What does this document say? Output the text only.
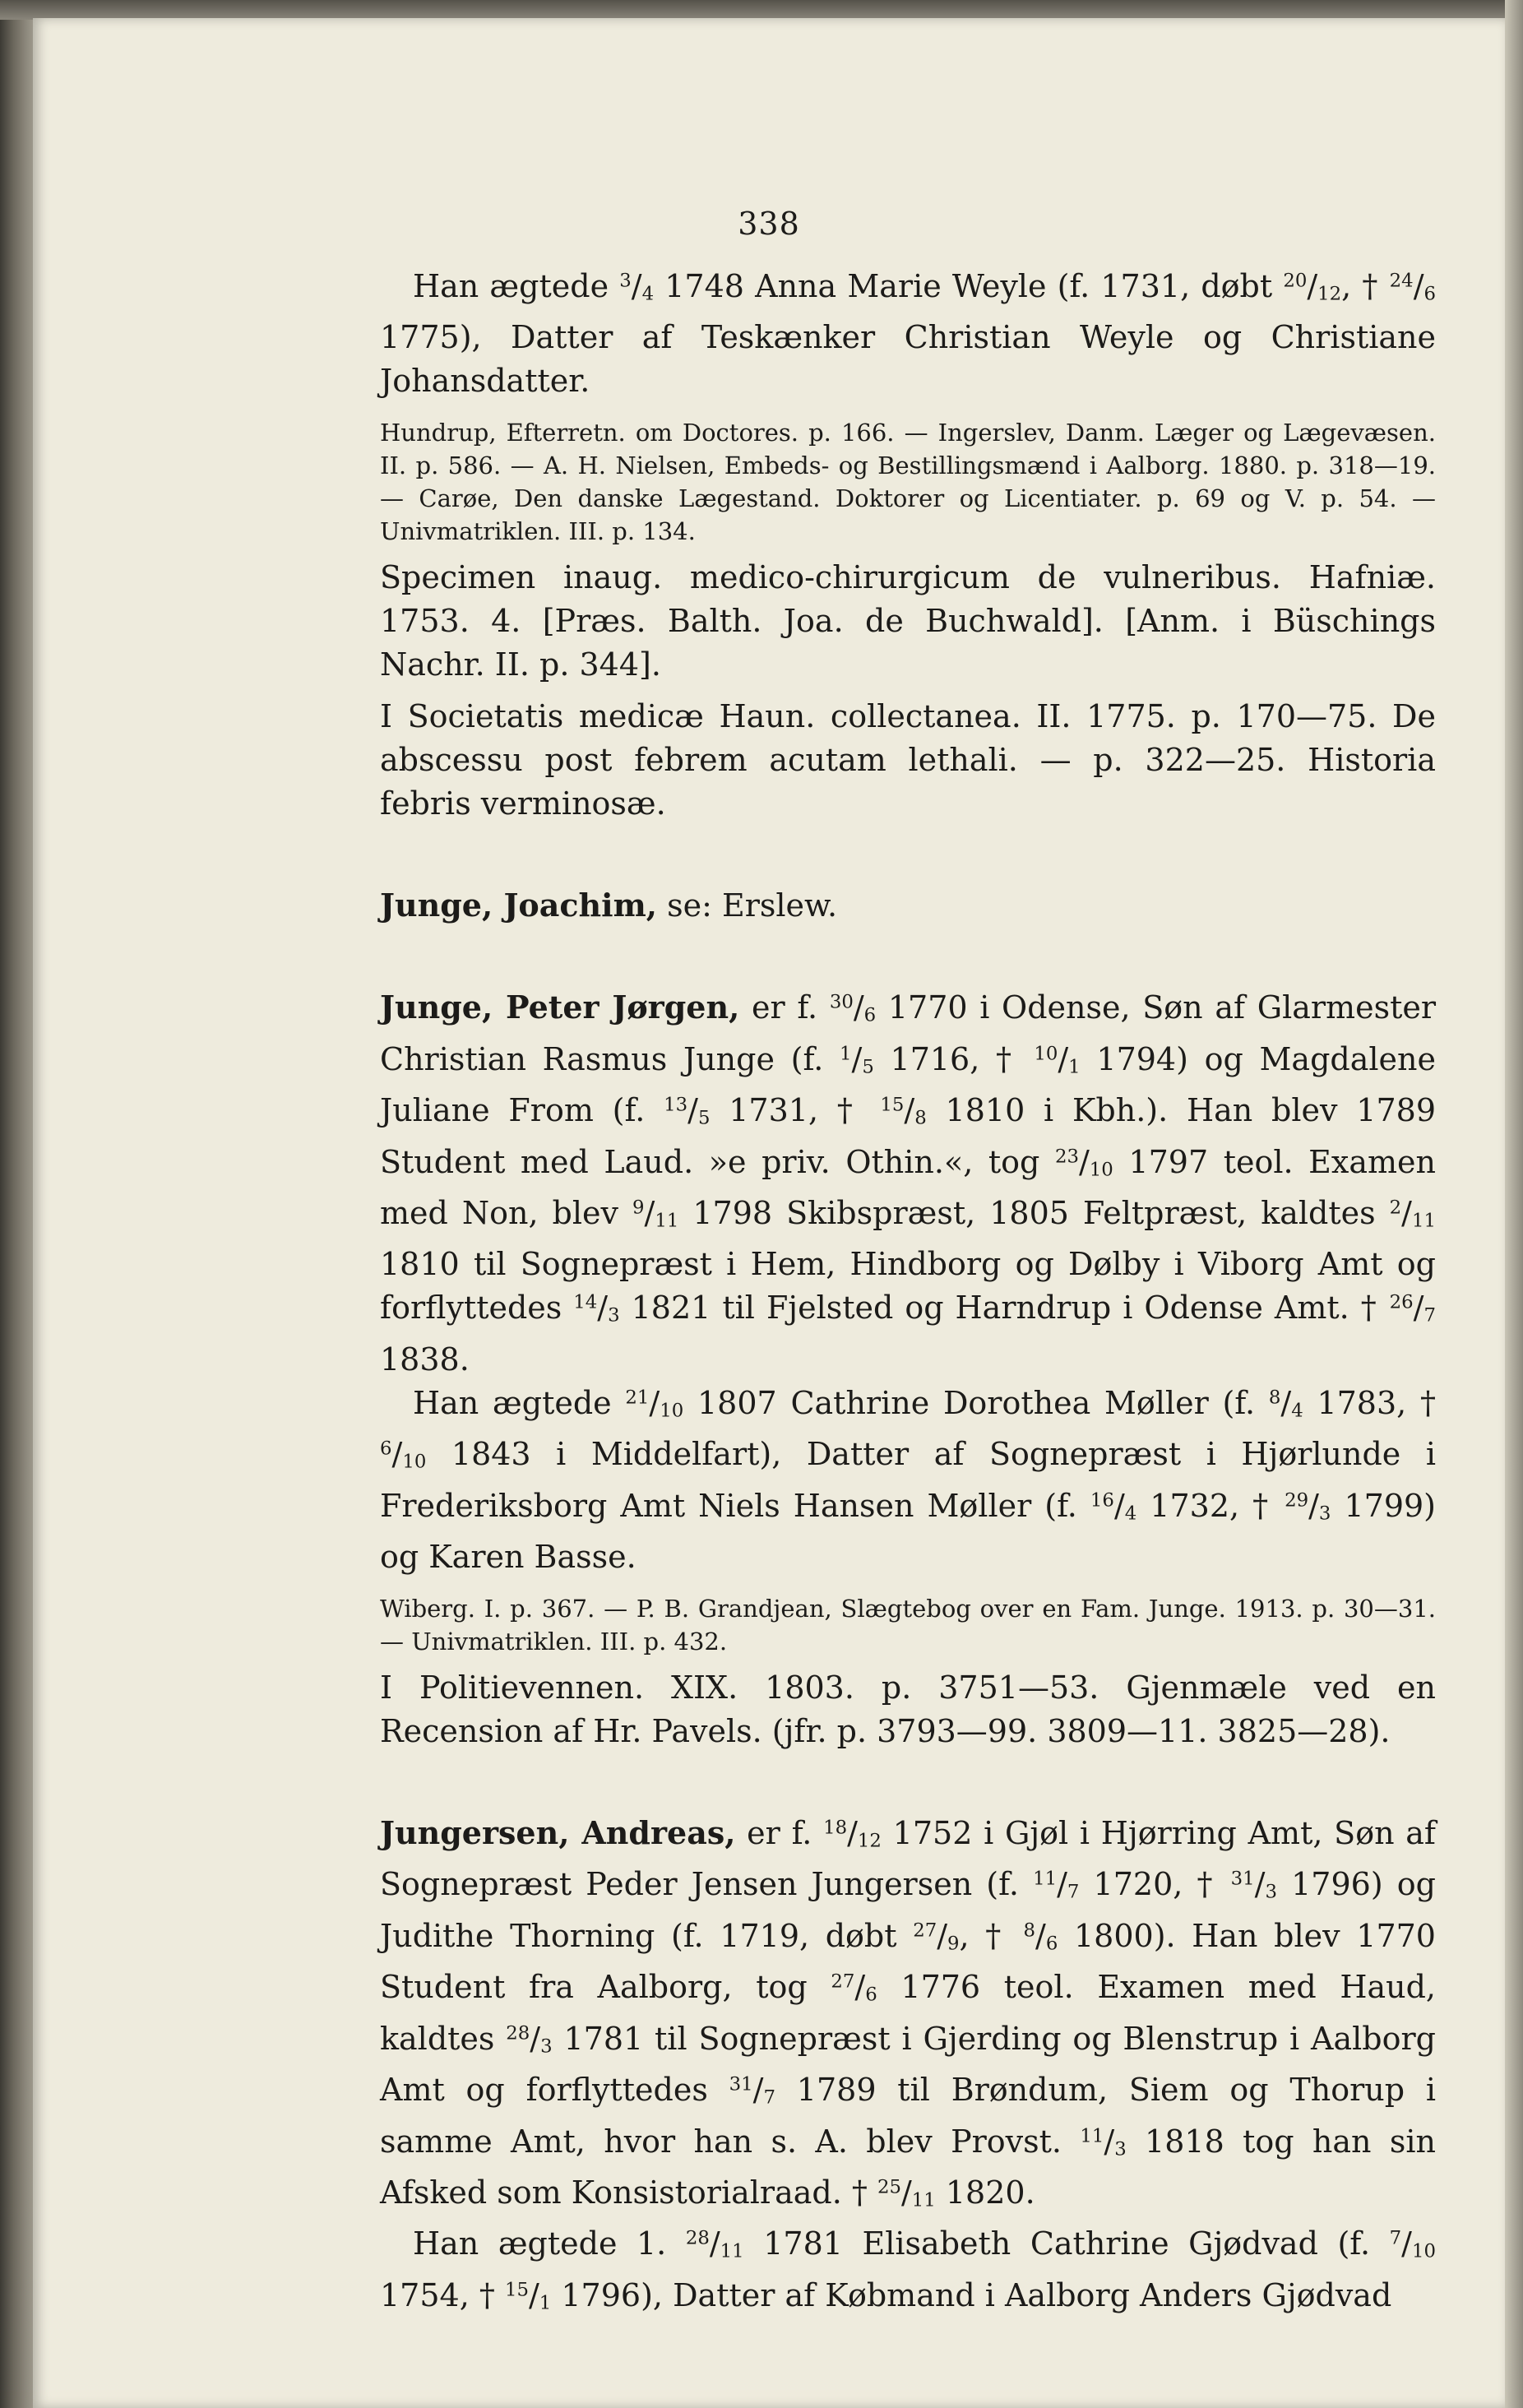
338

Han ægtede $^3$/4 1748 Anna Marie Weyle (f. 1731, døbt $^{20}$/12, † $^{24}$/6 1775), Datter af Teskænker Christian Weyle og Christiane Johansdatter.

Hundrup, Efterretn. om Doctores. p. 166. — Ingerslev, Danm. Læger og Lægevæsen. II. p. 586. — A. H. Nielsen, Embeds- og Bestillingsmænd i Aalborg. 1880. p. 318—19. — Carøe, Den danske Lægestand. Doktorer og Licentiater. p. 69 og V. p. 54. — Univmatriklen. III. p. 134.

Specimen inaug. medico-chirurgicum de vulneribus. Hafniæ. 1753. 4. [Præs. Balth. Joa. de Buchwald]. [Anm. i Büschings Nachr. II. p. 344].

I Societatis medicæ Haun. collectanea. II. 1775. p. 170—75. De abscessu post febrem acutam lethali. — p. 322—25. Historia febris verminosæ.

Junge, Joachim, se: Erslew.

Junge, Peter Jørgen, er f. $^{30}$/6 1770 i Odense, Søn af Glarmester Christian Rasmus Junge (f. $^1$/5 1716, † $^{10}$/1 1794) og Magdalene Juliane From (f. $^{13}$/5 1731, † $^{15}$/8 1810 i Kbh.). Han blev 1789 Student med Laud. »e priv. Othin.«, tog $^{23}$/10 1797 teol. Examen med Non, blev $^9$/11 1798 Skibspræst, 1805 Feltpræst, kaldtes $^2$/11 1810 til Sognepræst i Hem, Hindborg og Dølby i Viborg Amt og forflyttedes $^{14}$/3 1821 til Fjelsted og Harndrup i Odense Amt. † $^{26}$/7 1838.

Han ægtede $^{21}$/10 1807 Cathrine Dorothea Møller (f. $^8$/4 1783, † $^6$/10 1843 i Middelfart), Datter af Sognepræst i Hjørlunde i Frederiksborg Amt Niels Hansen Møller (f. $^{16}$/4 1732, † $^{29}$/3 1799) og Karen Basse.

Wiberg. I. p. 367. — P. B. Grandjean, Slægtebog over en Fam. Junge. 1913. p. 30—31. — Univmatriklen. III. p. 432.

I Politievennen. XIX. 1803. p. 3751—53. Gjenmæle ved en Recension af Hr. Pavels. (jfr. p. 3793—99. 3809—11. 3825—28).

Jungersen, Andreas, er f. $^{18}$/12 1752 i Gjøl i Hjørring Amt, Søn af Sognepræst Peder Jensen Jungersen (f. $^{11}$/7 1720, † $^{31}$/3 1796) og Judithe Thorning (f. 1719, døbt $^{27}$/9, † $^8$/6 1800). Han blev 1770 Student fra Aalborg, tog $^{27}$/6 1776 teol. Examen med Haud, kaldtes $^{28}$/3 1781 til Sognepræst i Gjerding og Blenstrup i Aalborg Amt og forflyttedes $^{31}$/7 1789 til Brøndum, Siem og Thorup i samme Amt, hvor han s. A. blev Provst. $^{11}$/3 1818 tog han sin Afsked som Konsistorialraad. † $^{25}$/11 1820.

Han ægtede 1. $^{28}$/11 1781 Elisabeth Cathrine Gjødvad (f. $^7$/10 1754, † $^{15}$/1 1796), Datter af Købmand i Aalborg Anders Gjødvad
